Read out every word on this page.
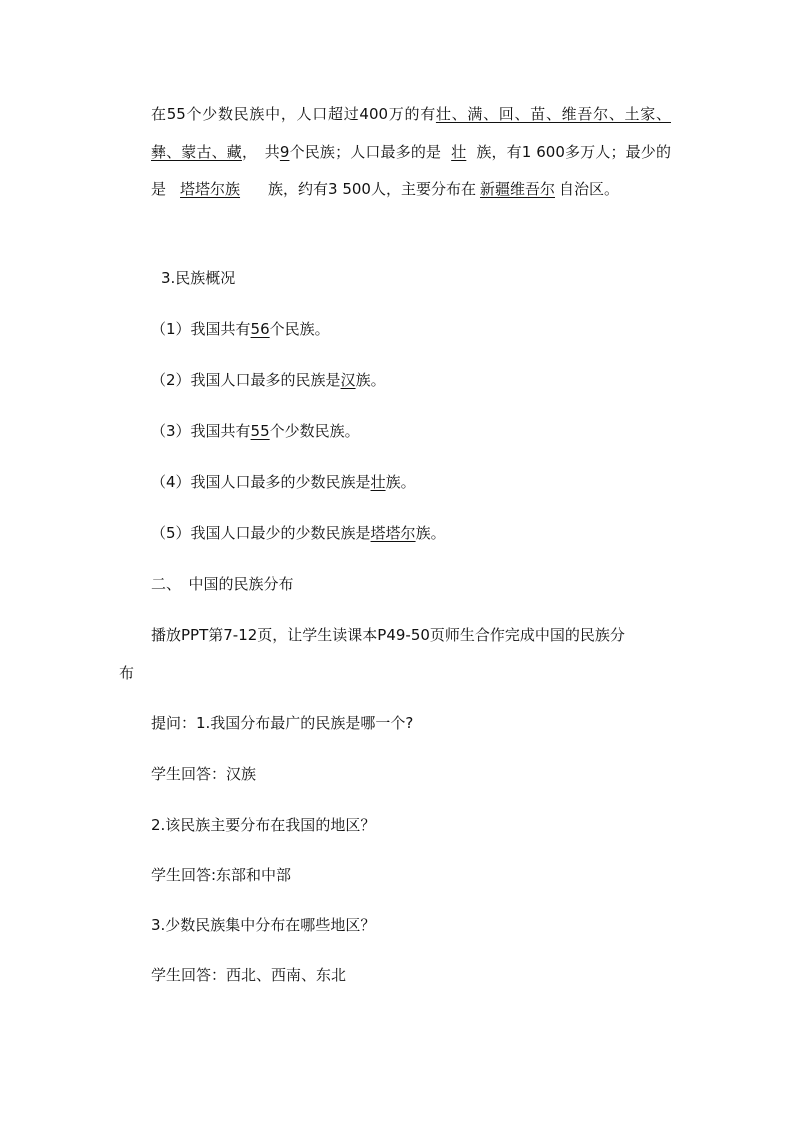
在55个少数民族中，人口超过400万的有壮、满、回、苗、维吾尔、土家、彝、蒙古、藏，　共9个民族；人口最多的是 壮 族，有1 600多万人；最少的是 塔塔尔族 族，约有3 500人，主要分布在 新疆维吾尔 自治区。

3.民族概况

（1）我国共有56个民族。

（2）我国人口最多的民族是汉族。

（3）我国共有55个少数民族。

（4）我国人口最多的少数民族是壮族。

（5）我国人口最少的少数民族是塔塔尔族。

二、　中国的民族分布

播放PPT第7-12页，让学生读课本P49-50页师生合作完成中国的民族分

布

提问：1.我国分布最广的民族是哪一个?

学生回答：汉族

2.该民族主要分布在我国的地区？

学生回答:东部和中部

3.少数民族集中分布在哪些地区？

学生回答：西北、西南、东北
